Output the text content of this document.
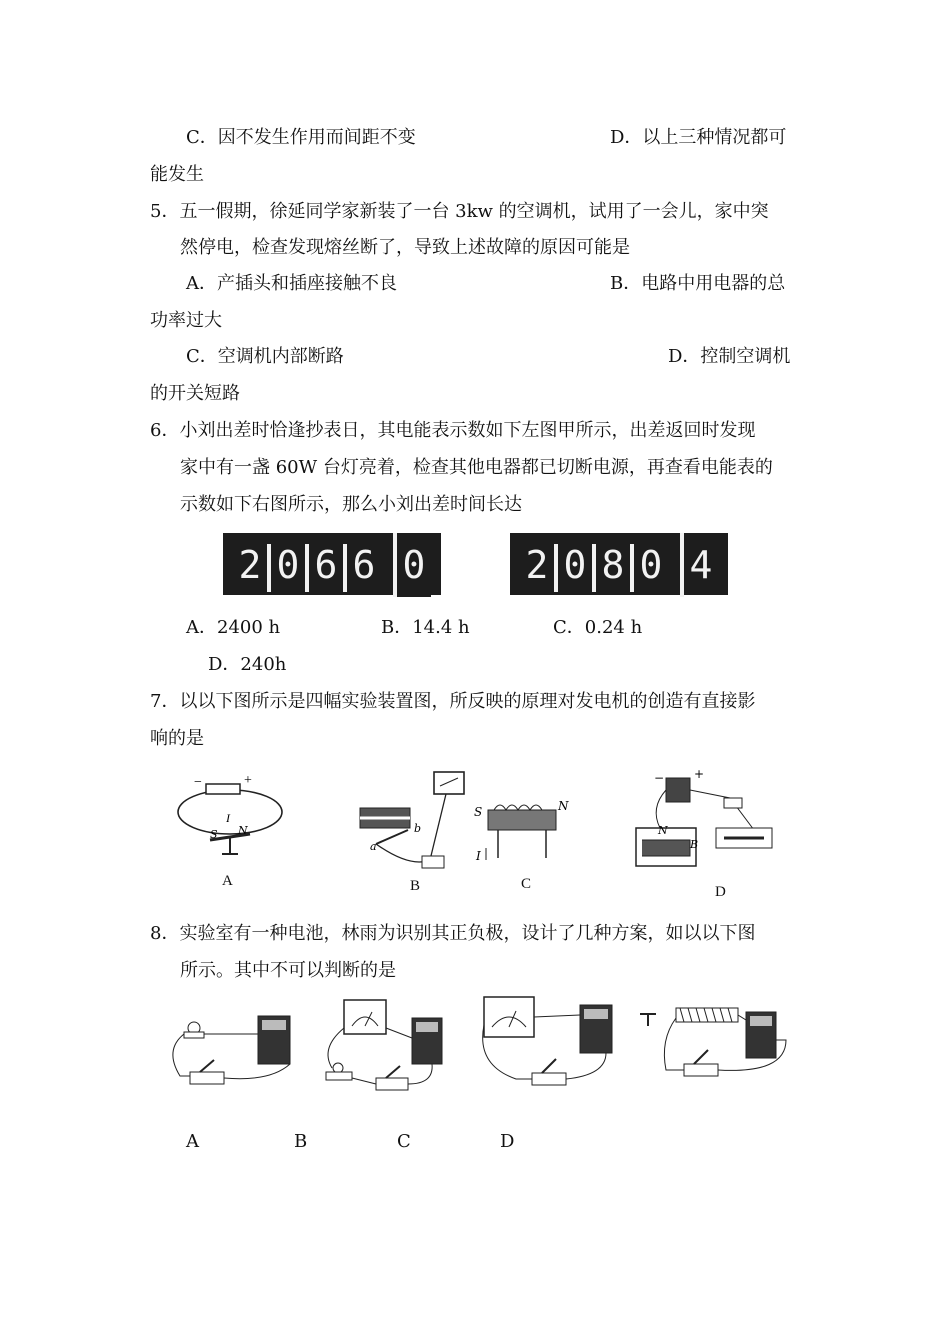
C．因不发生作用而间距不变	D．以上三种情况都可
能发生
5．五一假期，徐延同学家新装了一台 3kw 的空调机，试用了一会儿，家中突
然停电，检查发现熔丝断了，导致上述故障的原因可能是
A．产插头和插座接触不良	B．电路中用电器的总
功率过大
C．空调机内部断路	D．控制空调机
的开关短路
6．小刘出差时恰逢抄表日，其电能表示数如下左图甲所示，出差返回时发现
家中有一盏 60W 台灯亮着，检查其他电器都已切断电源，再查看电能表的
示数如下右图所示，那么小刘出差时间长达
2 0 6 6 0	2 0 8 0 4
A．2400 h	B．14.4 h	C．0.24 h
D．240h
7．以以下图所示是四幅实验装置图，所反映的原理对发电机的创造有直接影
响的是
−	+
I
S N
A
a
b
B
S	N
I
C
− +
N
B
D
8．实验室有一种电池，林雨为识别其正负极，设计了几种方案，如以以下图
所示。其中不可以判断的是
A	B	C	D
